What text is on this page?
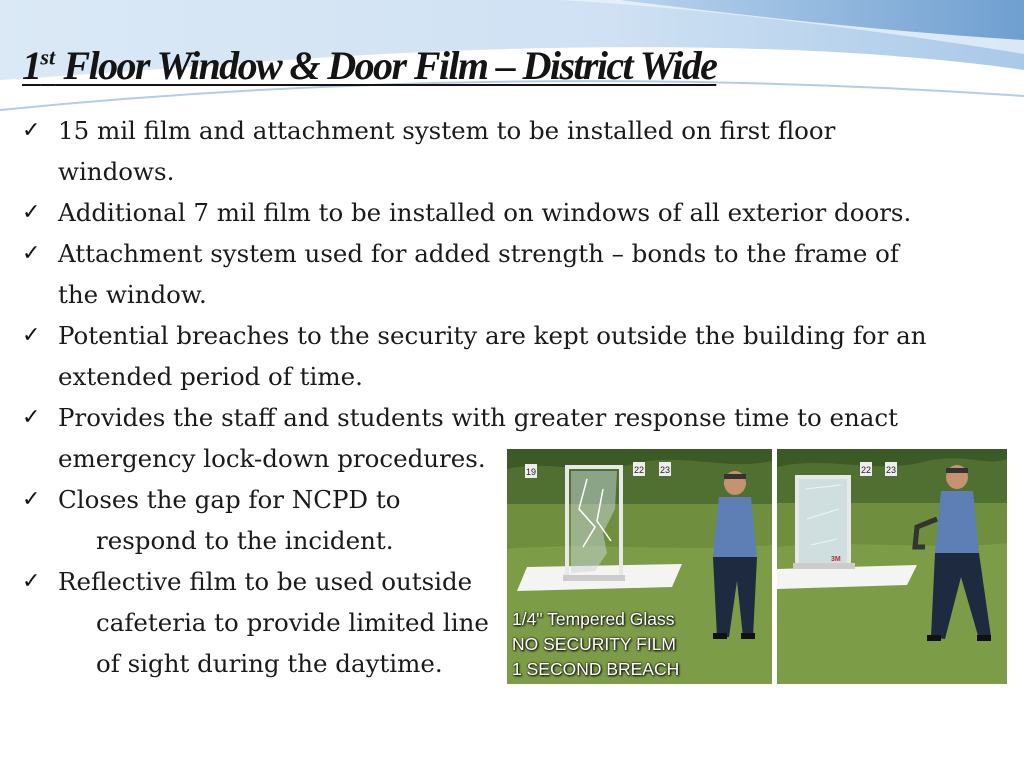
1st Floor Window & Door Film – District Wide
✓ 15 mil film and attachment system to be installed on first floor
windows.
✓ Additional 7 mil film to be installed on windows of all exterior doors.
✓ Attachment system used for added strength – bonds to the frame of
the window.
✓ Potential breaches to the security are kept outside the building for an
extended period of time.
✓ Provides the staff and students with greater response time to enact
emergency lock-down procedures.
✓ Closes the gap for NCPD to
respond to the incident.
✓ Reflective film to be used outside
cafeteria to provide limited line
of sight during the daytime.
19	22 23
1/4" Tempered Glass
NO SECURITY FILM
1 SECOND BREACH
22 23
3M
